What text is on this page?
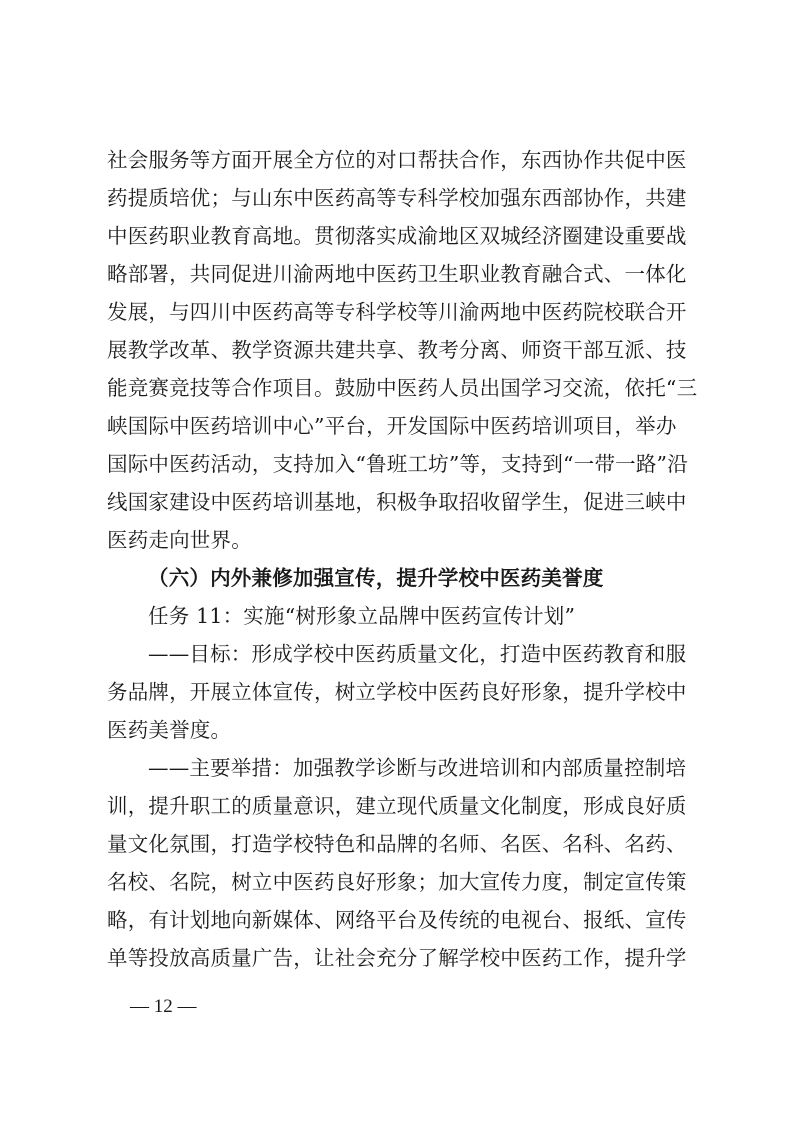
社会服务等方面开展全方位的对口帮扶合作，东西协作共促中医
药提质培优；与山东中医药高等专科学校加强东西部协作，共建
中医药职业教育高地。贯彻落实成渝地区双城经济圈建设重要战
略部署，共同促进川渝两地中医药卫生职业教育融合式、一体化
发展，与四川中医药高等专科学校等川渝两地中医药院校联合开
展教学改革、教学资源共建共享、教考分离、师资干部互派、技
能竞赛竞技等合作项目。鼓励中医药人员出国学习交流，依托“三
峡国际中医药培训中心”平台，开发国际中医药培训项目，举办
国际中医药活动，支持加入“鲁班工坊”等，支持到“一带一路”沿
线国家建设中医药培训基地，积极争取招收留学生，促进三峡中
医药走向世界。
（六）内外兼修加强宣传，提升学校中医药美誉度
任务 11：实施“树形象立品牌中医药宣传计划”
——目标：形成学校中医药质量文化，打造中医药教育和服
务品牌，开展立体宣传，树立学校中医药良好形象，提升学校中
医药美誉度。
——主要举措：加强教学诊断与改进培训和内部质量控制培
训，提升职工的质量意识，建立现代质量文化制度，形成良好质
量文化氛围，打造学校特色和品牌的名师、名医、名科、名药、
名校、名院，树立中医药良好形象；加大宣传力度，制定宣传策
略，有计划地向新媒体、网络平台及传统的电视台、报纸、宣传
单等投放高质量广告，让社会充分了解学校中医药工作，提升学
— 12 —
